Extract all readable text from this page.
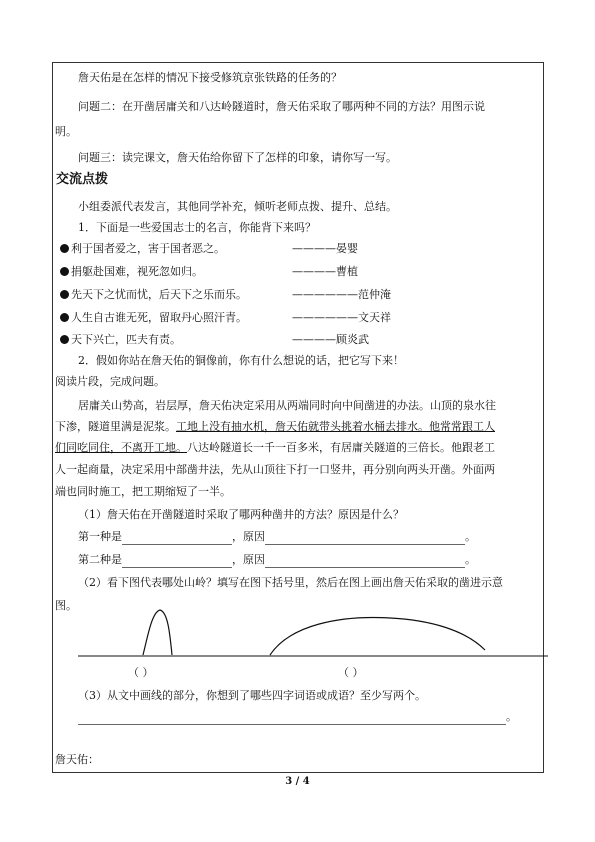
詹天佑是在怎样的情况下接受修筑京张铁路的任务的？
问题二：在开凿居庸关和八达岭隧道时，詹天佑采取了哪两种不同的方法？用图示说
明。
问题三：读完课文，詹天佑给你留下了怎样的印象，请你写一写。
交流点拨
小组委派代表发言，其他同学补充，倾听老师点拨、提升、总结。
1．下面是一些爱国志士的名言，你能背下来吗？
利于国者爱之，害于国者恶之。	————晏婴
捐躯赴国难，视死忽如归。	————曹植
先天下之忧而忧，后天下之乐而乐。	——————范仲淹
人生自古谁无死，留取丹心照汗青。	——————文天祥
天下兴亡，匹夫有责。	————顾炎武
2．假如你站在詹天佑的铜像前，你有什么想说的话，把它写下来！
阅读片段，完成问题。
居庸关山势高，岩层厚，詹天佑决定采用从两端同时向中间凿进的办法。山顶的泉水往
下渗，隧道里满是泥浆。工地上没有抽水机，詹天佑就带头挑着水桶去排水。他常常跟工人
们同吃同住，不离开工地。八达岭隧道长一千一百多米，有居庸关隧道的三倍长。他跟老工
人一起商量，决定采用中部凿井法，先从山顶往下打一口竖井，再分别向两头开凿。外面两
端也同时施工，把工期缩短了一半。
（1）詹天佑在开凿隧道时采取了哪两种凿井的方法？原因是什么？
第一种是	，原因	。
第二种是	，原因	。
（2）看下图代表哪处山岭？填写在图下括号里，然后在图上画出詹天佑采取的凿进示意
图。
（ ）	（ ）
（3）从文中画线的部分，你想到了哪些四字词语或成语？至少写两个。
。
詹天佑：
3 / 4
